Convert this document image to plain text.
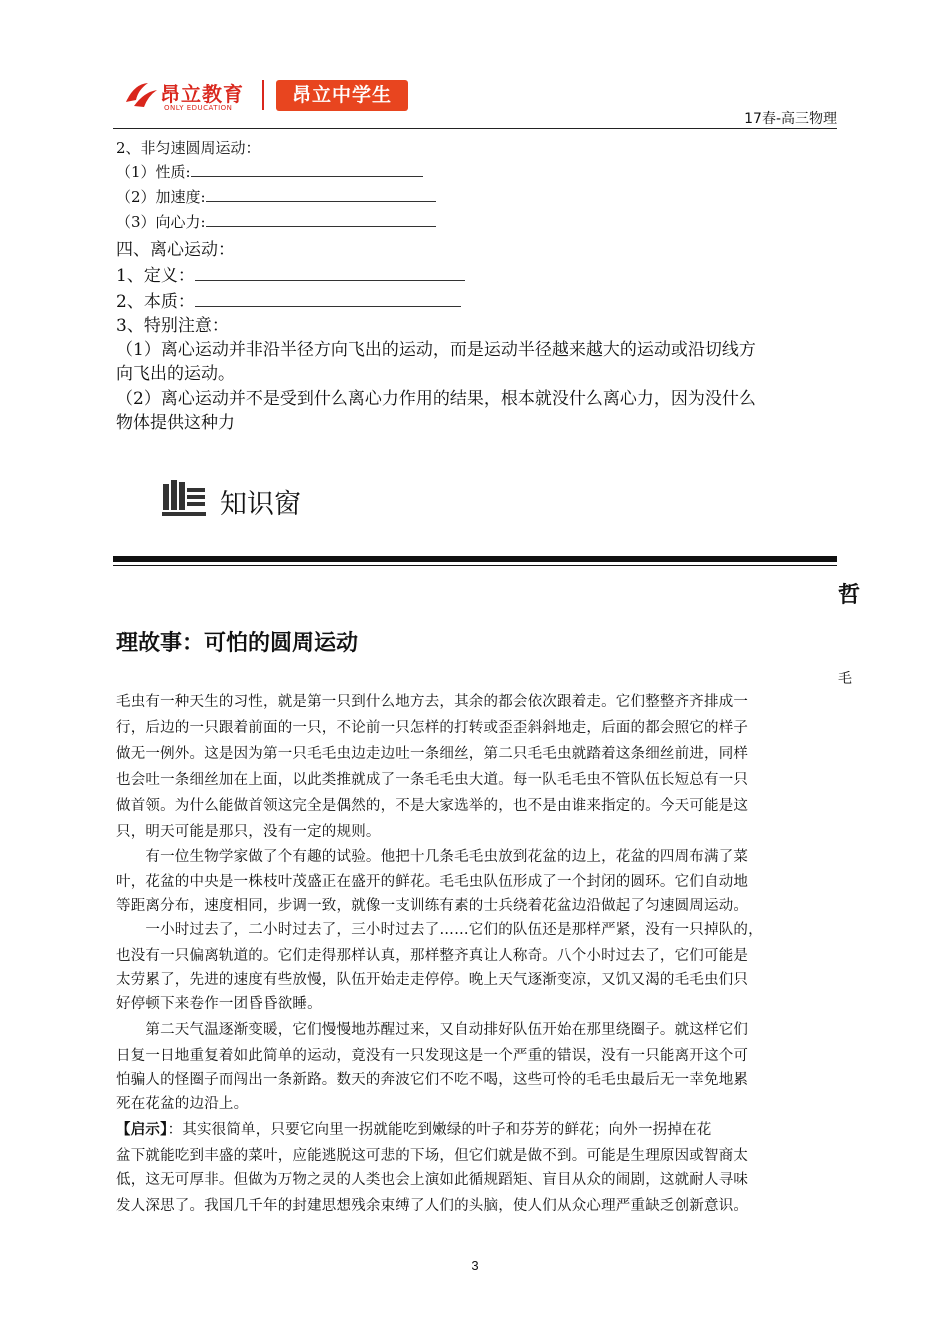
昂立教育
ONLY EDUCATION
昂立中学生
17春-高三物理
2、非匀速圆周运动：
（1）性质:
（2）加速度:
（3）向心力:
四、离心运动：
1、定义：
2、本质：
3、特别注意：
（1）离心运动并非沿半径方向飞出的运动，而是运动半径越来越大的运动或沿切线方
向飞出的运动。
（2）离心运动并不是受到什么离心力作用的结果，根本就没什么离心力，因为没什么
物体提供这种力
知识窗
哲
理故事：可怕的圆周运动
毛
毛虫有一种天生的习性，就是第一只到什么地方去，其余的都会依次跟着走。它们整整齐齐排成一
行，后边的一只跟着前面的一只，不论前一只怎样的打转或歪歪斜斜地走，后面的都会照它的样子
做无一例外。这是因为第一只毛毛虫边走边吐一条细丝，第二只毛毛虫就踏着这条细丝前进，同样
也会吐一条细丝加在上面，以此类推就成了一条毛毛虫大道。每一队毛毛虫不管队伍长短总有一只
做首领。为什么能做首领这完全是偶然的，不是大家选举的，也不是由谁来指定的。今天可能是这
只，明天可能是那只，没有一定的规则。
　　有一位生物学家做了个有趣的试验。他把十几条毛毛虫放到花盆的边上，花盆的四周布满了菜
叶，花盆的中央是一株枝叶茂盛正在盛开的鲜花。毛毛虫队伍形成了一个封闭的圆环。它们自动地
等距离分布，速度相同，步调一致，就像一支训练有素的士兵绕着花盆边沿做起了匀速圆周运动。
　　一小时过去了，二小时过去了，三小时过去了……它们的队伍还是那样严紧，没有一只掉队的，
也没有一只偏离轨道的。它们走得那样认真，那样整齐真让人称奇。八个小时过去了，它们可能是
太劳累了，先进的速度有些放慢，队伍开始走走停停。晚上天气逐渐变凉，又饥又渴的毛毛虫们只
好停顿下来卷作一团昏昏欲睡。
　　第二天气温逐渐变暖，它们慢慢地苏醒过来，又自动排好队伍开始在那里绕圈子。就这样它们
日复一日地重复着如此简单的运动，竟没有一只发现这是一个严重的错误，没有一只能离开这个可
怕骗人的怪圈子而闯出一条新路。数天的奔波它们不吃不喝，这些可怜的毛毛虫最后无一幸免地累
死在花盆的边沿上。
【启示】：其实很简单，只要它向里一拐就能吃到嫩绿的叶子和芬芳的鲜花；向外一拐掉在花
盆下就能吃到丰盛的菜叶，应能逃脱这可悲的下场，但它们就是做不到。可能是生理原因或智商太
低，这无可厚非。但做为万物之灵的人类也会上演如此循规蹈矩、盲目从众的闹剧，这就耐人寻味
发人深思了。我国几千年的封建思想残余束缚了人们的头脑，使人们从众心理严重缺乏创新意识。
3
